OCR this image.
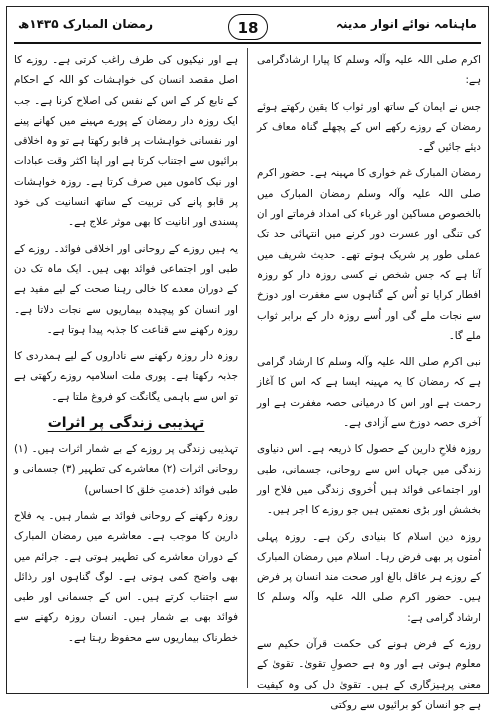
ماہنامہ نوائے انوار مدینہ
18
رمضان المبارک ۱۴۳۵ھ

اکرم صلی اللہ علیہ وآلہ وسلم کا پیارا ارشادگرامی ہے:

جس نے ایمان کے ساتھ اور ثواب کا یقین رکھتے ہوئے رمضان کے روزے رکھے اس کے پچھلے گناہ معاف کر دیئے جائیں گے۔

رمضان المبارک غم خواری کا مہینہ ہے۔ حضور اکرم صلی اللہ علیہ وآلہ وسلم رمضان المبارک میں بالخصوص مساکین اور غرباء کی امداد فرماتے اور ان کی تنگی اور عسرت دور کرنے میں انتہائی حد تک عملی طور پر شریک ہوتے تھے۔ حدیث شریف میں آتا ہے کہ جس شخص نے کسی روزہ دار کو روزہ افطار کرایا تو اُس کے گناہوں سے مغفرت اور دوزخ سے نجات ملے گی اور اُسے روزہ دار کے برابر ثواب ملے گا۔

نبی اکرم صلی اللہ علیہ وآلہ وسلم کا ارشاد گرامی ہے کہ رمضان کا یہ مہینہ ایسا ہے کہ اس کا آغاز رحمت ہے اور اس کا درمیانی حصہ مغفرت ہے اور آخری حصہ دوزخ سے آزادی ہے۔

روزہ فلاحِ دارین کے حصول کا ذریعہ ہے۔ اس دنیاوی زندگی میں جہاں اس سے روحانی، جسمانی، طبی اور اجتماعی فوائد ہیں اُخروی زندگی میں فلاح اور بخشش اور بڑی نعمتیں ہیں جو روزے کا اجر ہیں۔

روزہ دین اسلام کا بنیادی رکن ہے۔ روزہ پہلی اُمتوں پر بھی فرض رہا۔ اسلام میں رمضان المبارک کے روزے ہر عاقل بالغ اور صحت مند انسان پر فرض ہیں۔ حضور اکرم صلی اللہ علیہ وآلہ وسلم کا ارشاد گرامی ہے:

روزے کے فرض ہونے کی حکمت قرآن حکیم سے معلوم ہوتی ہے اور وہ ہے حصولِ تقویٰ۔ تقویٰ کے معنی پرہیزگاری کے ہیں۔ تقویٰ دل کی وہ کیفیت ہے جو انسان کو برائیوں سے روکتی

ہے اور نیکیوں کی طرف راغب کرتی ہے۔ روزے کا اصل مقصد انسان کی خواہشات کو اللہ کے احکام کے تابع کر کے اس کے نفس کی اصلاح کرنا ہے۔ جب ایک روزہ دار رمضان کے پورے مہینے میں کھانے پینے اور نفسانی خواہشات پر قابو رکھتا ہے تو وہ اخلاقی برائیوں سے اجتناب کرتا ہے اور اپنا اکثر وقت عبادات اور نیک کاموں میں صرف کرتا ہے۔ روزہ خواہشات پر قابو پانے کی تربیت کے ساتھ انسانیت کی خود پسندی اور انانیت کا بھی موثر علاج ہے۔

یہ ہیں روزے کے روحانی اور اخلاقی فوائد۔ روزے کے طبی اور اجتماعی فوائد بھی ہیں۔ ایک ماہ تک دن کے دوران معدے کا خالی رہنا صحت کے لیے مفید ہے اور انسان کو پیچیدہ بیماریوں سے نجات دلاتا ہے۔ روزہ رکھنے سے قناعت کا جذبہ پیدا ہوتا ہے۔

روزہ دار روزہ رکھنے سے ناداروں کے لیے ہمدردی کا جذبہ رکھتا ہے۔ پوری ملت اسلامیہ روزے رکھتی ہے تو اس سے باہمی یگانگت کو فروغ ملتا ہے۔

تہذیبی زندگی پر اثرات

تہذیبی زندگی پر روزے کے بے شمار اثرات ہیں۔ (۱) روحانی اثرات (۲) معاشرے کی تطہیر (۳) جسمانی و طبی فوائد (خدمتِ خلق کا احساس)

روزہ رکھنے کے روحانی فوائد بے شمار ہیں۔ یہ فلاح دارین کا موجب ہے۔ معاشرے میں رمضان المبارک کے دوران معاشرے کی تطہیر ہوتی ہے۔ جرائم میں بھی واضح کمی ہوتی ہے۔ لوگ گناہوں اور رذائل سے اجتناب کرتے ہیں۔ اس کے جسمانی اور طبی فوائد بھی بے شمار ہیں۔ انسان روزہ رکھنے سے خطرناک بیماریوں سے محفوظ رہتا ہے۔
